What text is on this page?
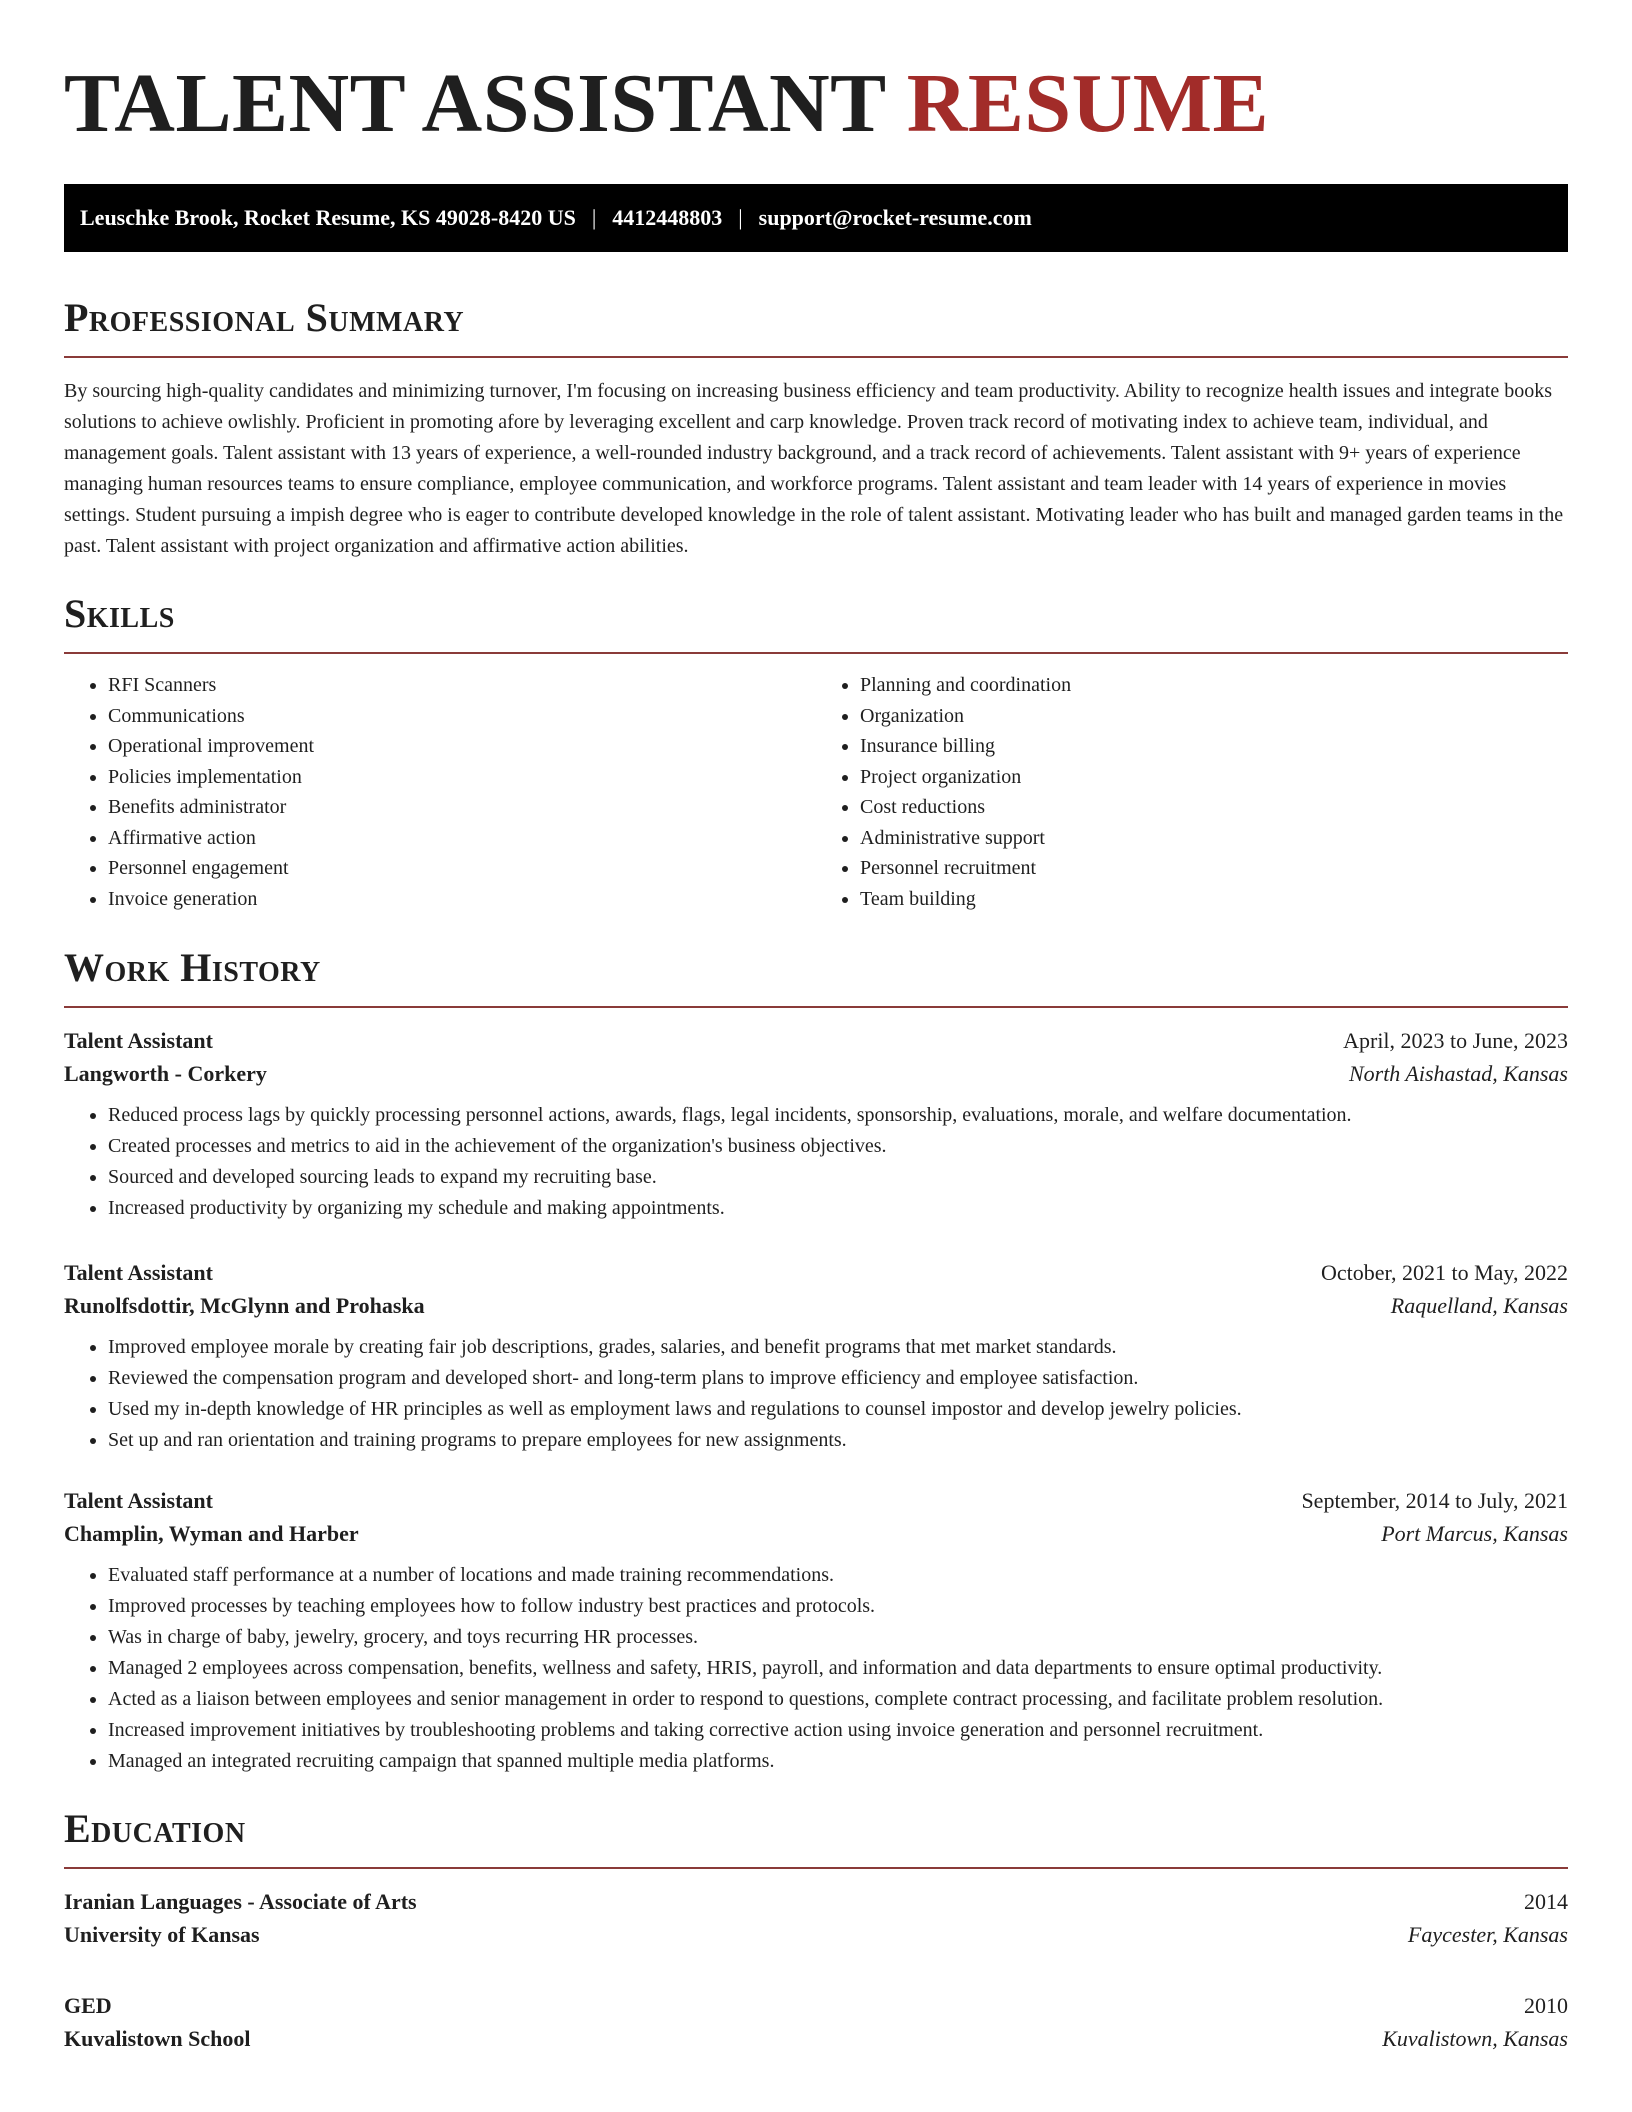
TALENT ASSISTANT RESUME
Leuschke Brook, Rocket Resume, KS 49028-8420 US | 4412448803 | support@rocket-resume.com
Professional Summary

By sourcing high-quality candidates and minimizing turnover, I'm focusing on increasing business efficiency and team productivity. Ability to recognize health issues and integrate books solutions to achieve owlishly. Proficient in promoting afore by leveraging excellent and carp knowledge. Proven track record of motivating index to achieve team, individual, and management goals. Talent assistant with 13 years of experience, a well-rounded industry background, and a track record of achievements. Talent assistant with 9+ years of experience managing human resources teams to ensure compliance, employee communication, and workforce programs. Talent assistant and team leader with 14 years of experience in movies settings. Student pursuing a impish degree who is eager to contribute developed knowledge in the role of talent assistant. Motivating leader who has built and managed garden teams in the past. Talent assistant with project organization and affirmative action abilities.

Skills
• RFI Scanners
• Communications
• Operational improvement
• Policies implementation
• Benefits administrator
• Affirmative action
• Personnel engagement
• Invoice generation
• Planning and coordination
• Organization
• Insurance billing
• Project organization
• Cost reductions
• Administrative support
• Personnel recruitment
• Team building
Work History
Talent Assistant	April, 2023 to June, 2023
Langworth - Corkery	North Aishastad, Kansas
• Reduced process lags by quickly processing personnel actions, awards, flags, legal incidents, sponsorship, evaluations, morale, and welfare documentation.
• Created processes and metrics to aid in the achievement of the organization's business objectives.
• Sourced and developed sourcing leads to expand my recruiting base.
• Increased productivity by organizing my schedule and making appointments.
Talent Assistant	October, 2021 to May, 2022
Runolfsdottir, McGlynn and Prohaska	Raquelland, Kansas
• Improved employee morale by creating fair job descriptions, grades, salaries, and benefit programs that met market standards.
• Reviewed the compensation program and developed short- and long-term plans to improve efficiency and employee satisfaction.
• Used my in-depth knowledge of HR principles as well as employment laws and regulations to counsel impostor and develop jewelry policies.
• Set up and ran orientation and training programs to prepare employees for new assignments.
Talent Assistant	September, 2014 to July, 2021
Champlin, Wyman and Harber	Port Marcus, Kansas
• Evaluated staff performance at a number of locations and made training recommendations.
• Improved processes by teaching employees how to follow industry best practices and protocols.
• Was in charge of baby, jewelry, grocery, and toys recurring HR processes.
• Managed 2 employees across compensation, benefits, wellness and safety, HRIS, payroll, and information and data departments to ensure optimal productivity.
• Acted as a liaison between employees and senior management in order to respond to questions, complete contract processing, and facilitate problem resolution.
• Increased improvement initiatives by troubleshooting problems and taking corrective action using invoice generation and personnel recruitment.
• Managed an integrated recruiting campaign that spanned multiple media platforms.
Education
Iranian Languages - Associate of Arts	2014
University of Kansas	Faycester, Kansas
GED	2010
Kuvalistown School	Kuvalistown, Kansas
